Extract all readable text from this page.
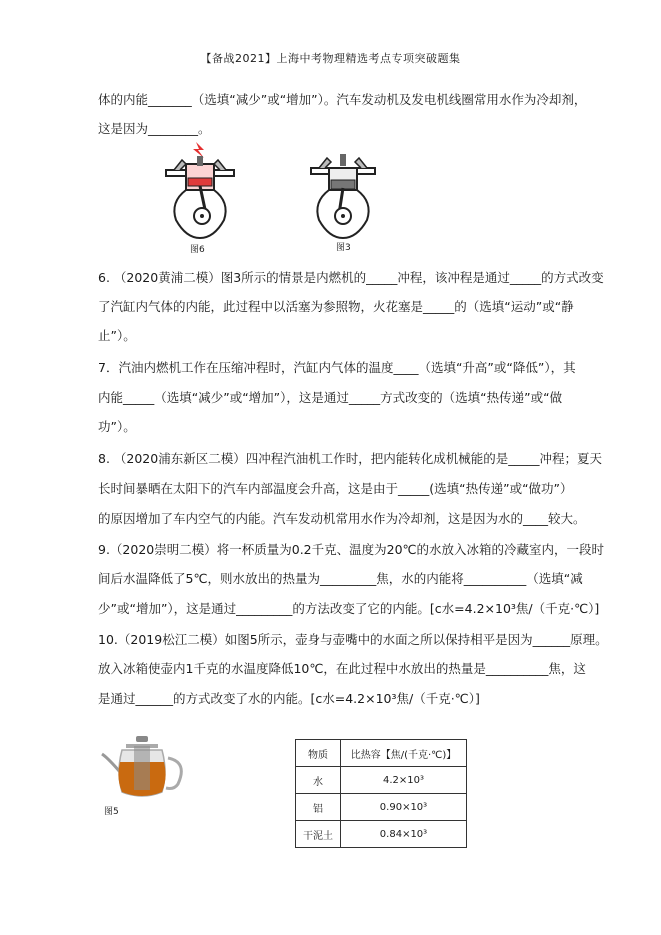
【备战2021】上海中考物理精选考点专项突破题集
体的内能_______（选填“减少”或“增加”）。汽车发动机及发电机线圈常用水作为冷却剂，
这是因为________。
图6	图3
6. （2020黄浦二模）图3所示的情景是内燃机的_____冲程，该冲程是通过_____的方式改变
了汽缸内气体的内能，此过程中以活塞为参照物，火花塞是_____的（选填“运动”或“静
止”）。
7．汽油内燃机工作在压缩冲程时，汽缸内气体的温度____（选填“升高”或“降低”），其
内能_____（选填“减少”或“增加”），这是通过_____方式改变的（选填“热传递”或“做
功”）。
8. （2020浦东新区二模）四冲程汽油机工作时，把内能转化成机械能的是_____冲程；夏天
长时间暴晒在太阳下的汽车内部温度会升高，这是由于_____(选填“热传递”或“做功”）
的原因增加了车内空气的内能。汽车发动机常用水作为冷却剂，这是因为水的____较大。
9.（2020崇明二模）将一杯质量为0.2千克、温度为20℃的水放入冰箱的冷藏室内，一段时
间后水温降低了5℃，则水放出的热量为_________焦，水的内能将__________（选填“减
少”或“增加”），这是通过_________的方法改变了它的内能。[c水=4.2×10³焦/（千克·℃）]
10.（2019松江二模）如图5所示，壶身与壶嘴中的水面之所以保持相平是因为______原理。
放入冰箱使壶内1千克的水温度降低10℃，在此过程中水放出的热量是__________焦，这
是通过______的方式改变了水的内能。[c水=4.2×10³焦/（千克·℃）]
图5
物质	比热容【焦/(千克·℃)】
水	4.2×10³
铝	0.90×10³
干泥土	0.84×10³
